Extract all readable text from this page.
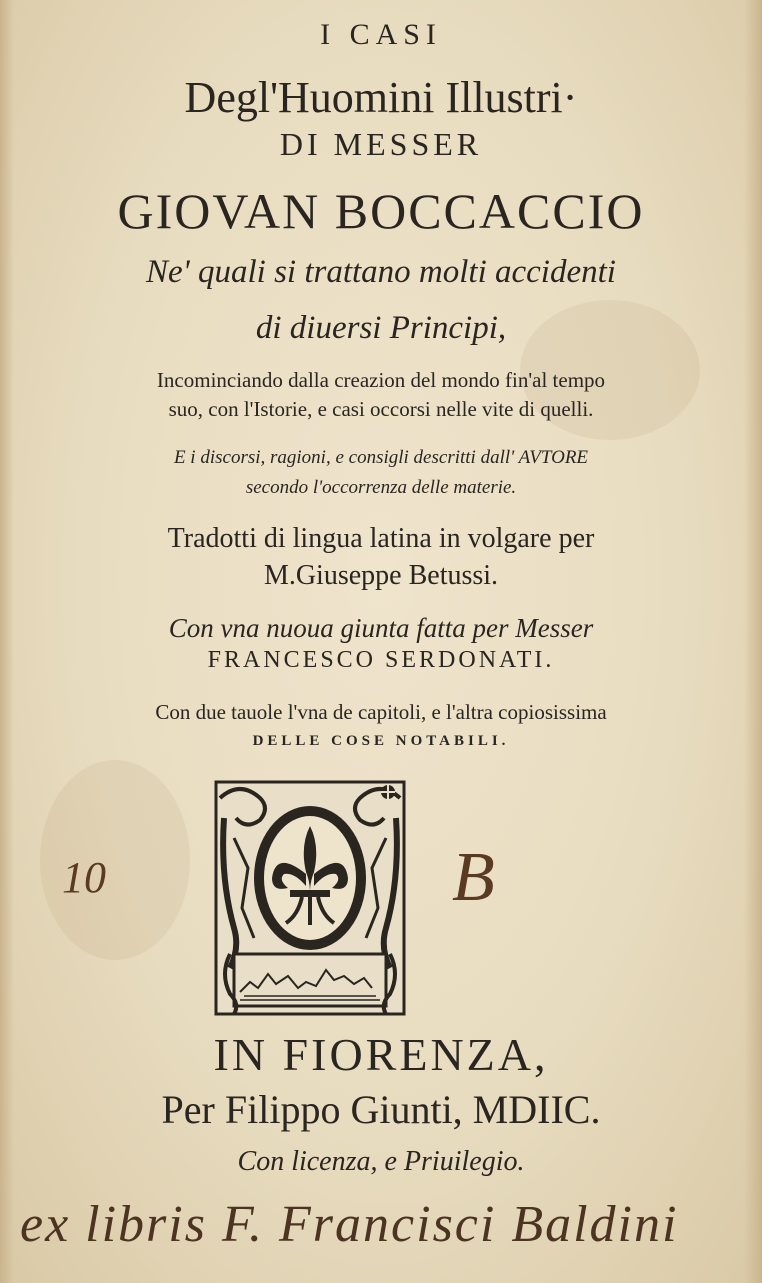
I CASI
Degl'Huomini Illustri·
DI MESSER
GIOVAN BOCCACCIO
Ne' quali si trattano molti accidenti
di diuersi Principi,
Incominciando dalla creazion del mondo fin'al tempo
suo, con l'Istorie, e casi occorsi nelle vite di quelli.
E i discorsi, ragioni, e consigli descritti dall' AVTORE
secondo l'occorrenza delle materie.
Tradotti di lingua latina in volgare per
M.Giuseppe Betussi.
Con vna nuoua giunta fatta per Messer
FRANCESCO SERDONATI.
Con due tauole l'vna de capitoli, e l'altra copiosissima
DELLE COSE NOTABILI.
10	B
IN FIORENZA,
Per Filippo Giunti, MDIIC.
Con licenza, e Priuilegio.
ex libris F. Francisci Baldini
